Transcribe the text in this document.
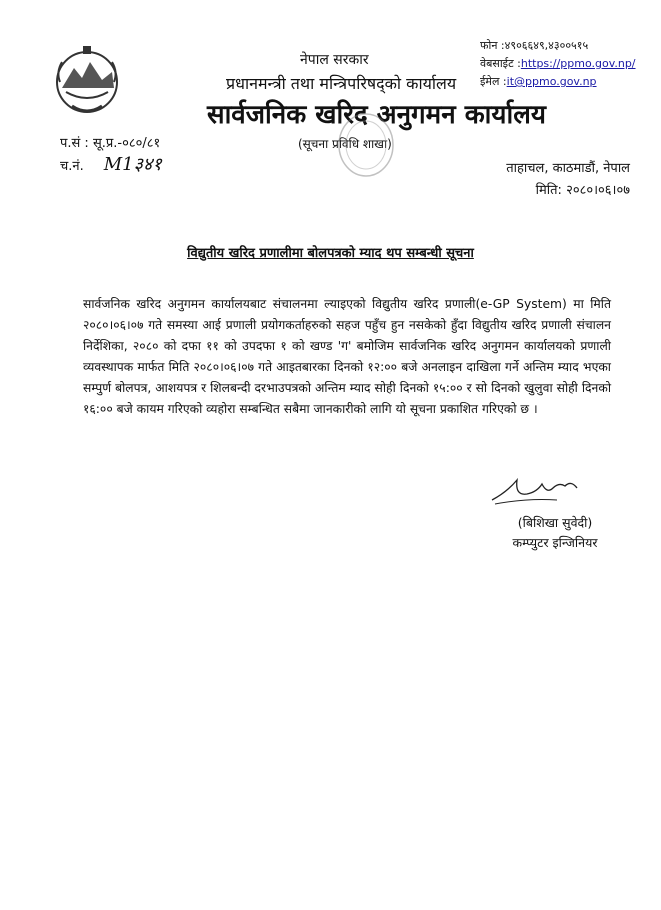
नेपाल सरकार
प्रधानमन्त्री तथा मन्त्रिपरिषद्को कार्यालय
सार्वजनिक खरिद अनुगमन कार्यालय
(सूचना प्रविधि शाखा)
फोन :४९०६६४९,४३००५१५
वेबसाईट :https://ppmo.gov.np/
ईमेल :it@ppmo.gov.np
प.सं : सू.प्र.-०८०/८१
च.नं. M1३४१	ताहाचल, काठमाडौं, नेपाल
मिति: २०८०।०६।०७
विद्युतीय खरिद प्रणालीमा बोलपत्रको म्याद थप सम्बन्धी सूचना
सार्वजनिक खरिद अनुगमन कार्यालयबाट संचालनमा ल्याइएको विद्युतीय खरिद प्रणाली(e-GP System) मा मिति २०८०।०६।०७ गते समस्या आई प्रणाली प्रयोगकर्ताहरुको सहज पहुँच हुन नसकेको हुँदा विद्युतीय खरिद प्रणाली संचालन निर्देशिका, २०८० को दफा ११ को उपदफा १ को खण्ड 'ग' बमोजिम सार्वजनिक खरिद अनुगमन कार्यालयको प्रणाली व्यवस्थापक मार्फत मिति २०८०।०६।०७ गते आइतबारका दिनको १२:०० बजे अनलाइन दाखिला गर्ने अन्तिम म्याद भएका सम्पुर्ण बोलपत्र, आशयपत्र र शिलबन्दी दरभाउपत्रको अन्तिम म्याद सोही दिनको १५:०० र सो दिनको खुलुवा सोही दिनको १६:०० बजे कायम गरिएको व्यहोरा सम्बन्धित सबैमा जानकारीको लागि यो सूचना प्रकाशित गरिएको छ ।
(बिशिखा सुवेदी)
कम्प्युटर इन्जिनियर
